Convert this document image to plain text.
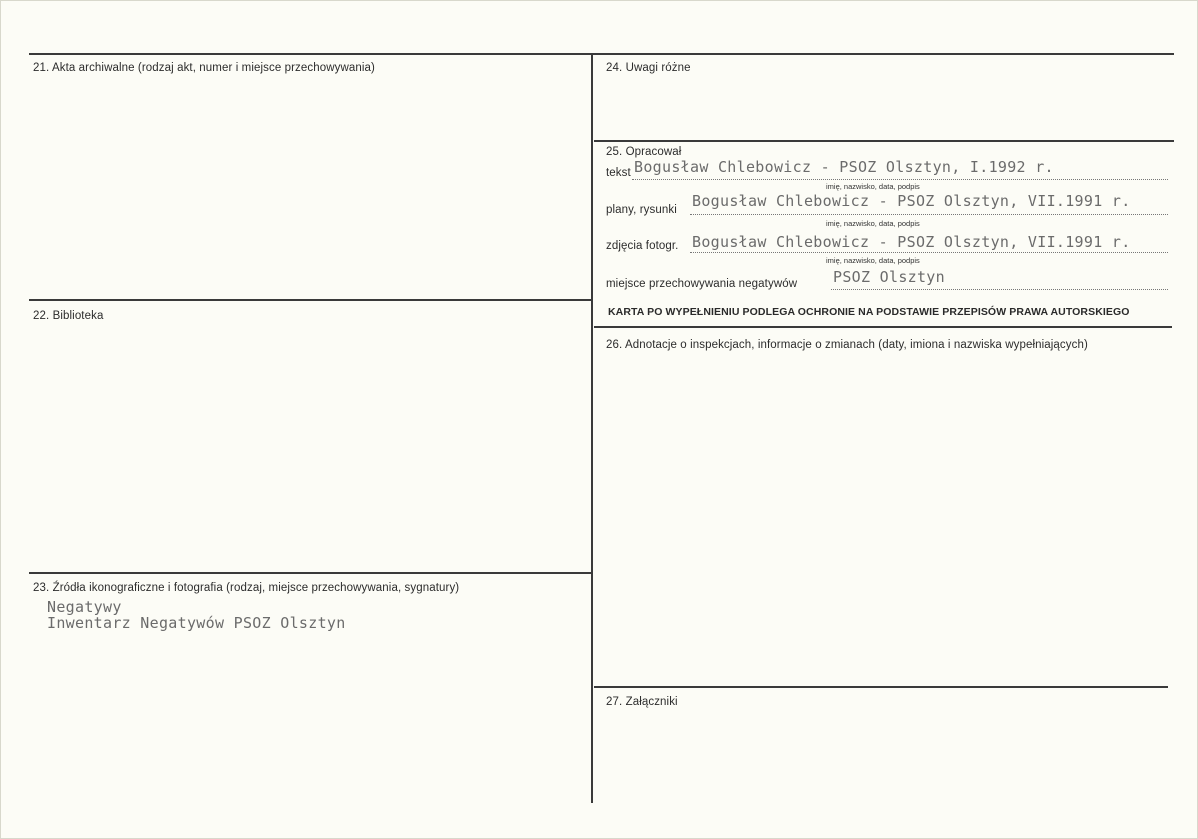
21. Akta archiwalne (rodzaj akt, numer i miejsce przechowywania)
22. Biblioteka
23. Źródła ikonograficzne i fotografia (rodzaj, miejsce przechowywania, sygnatury)
Negatywy
Inwentarz Negatywów PSOZ Olsztyn
24. Uwagi różne
25. Opracował
tekst Bogusław Chlebowicz - PSOZ Olsztyn, I.1992 r.
imię, nazwisko, data, podpis
plany, rysunki Bogusław Chlebowicz - PSOZ Olsztyn, VII.1991 r.
imię, nazwisko, data, podpis
zdjęcia fotogr. Bogusław Chlebowicz - PSOZ Olsztyn, VII.1991 r.
imię, nazwisko, data, podpis
miejsce przechowywania negatywów PSOZ Olsztyn
KARTA PO WYPEŁNIENIU PODLEGA OCHRONIE NA PODSTAWIE PRZEPISÓW PRAWA AUTORSKIEGO
26. Adnotacje o inspekcjach, informacje o zmianach (daty, imiona i nazwiska wypełniających)
27. Załączniki
